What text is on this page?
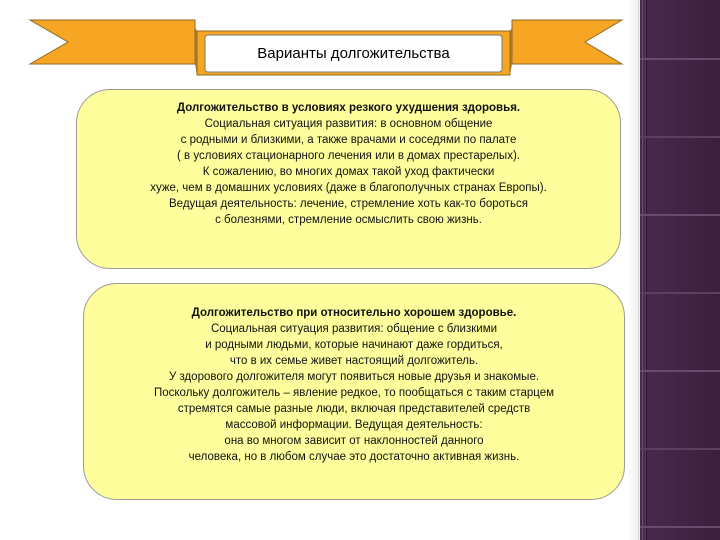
Варианты долгожительства
Долгожительство в условиях резкого ухудшения здоровья.
Социальная ситуация развития: в основном общение
с родными и близкими, а также врачами и соседями по палате
( в условиях стационарного лечения или в домах престарелых).
К сожалению, во многих домах такой уход фактически
хуже, чем в домашних условиях (даже в благополучных странах Европы).
Ведущая деятельность: лечение, стремление хоть как-то бороться
с болезнями, стремление осмыслить свою жизнь.
Долгожительство при относительно хорошем здоровье.
Социальная ситуация развития: общение с близкими
и родными людьми, которые начинают даже гордиться,
что в их семье живет настоящий долгожитель.
У здорового долгожителя могут появиться новые друзья и знакомые.
Поскольку долгожитель – явление редкое, то пообщаться с таким старцем
стремятся самые разные люди, включая представителей средств
массовой информации. Ведущая деятельность:
она во многом зависит от наклонностей данного
человека, но в любом случае это достаточно активная жизнь.
